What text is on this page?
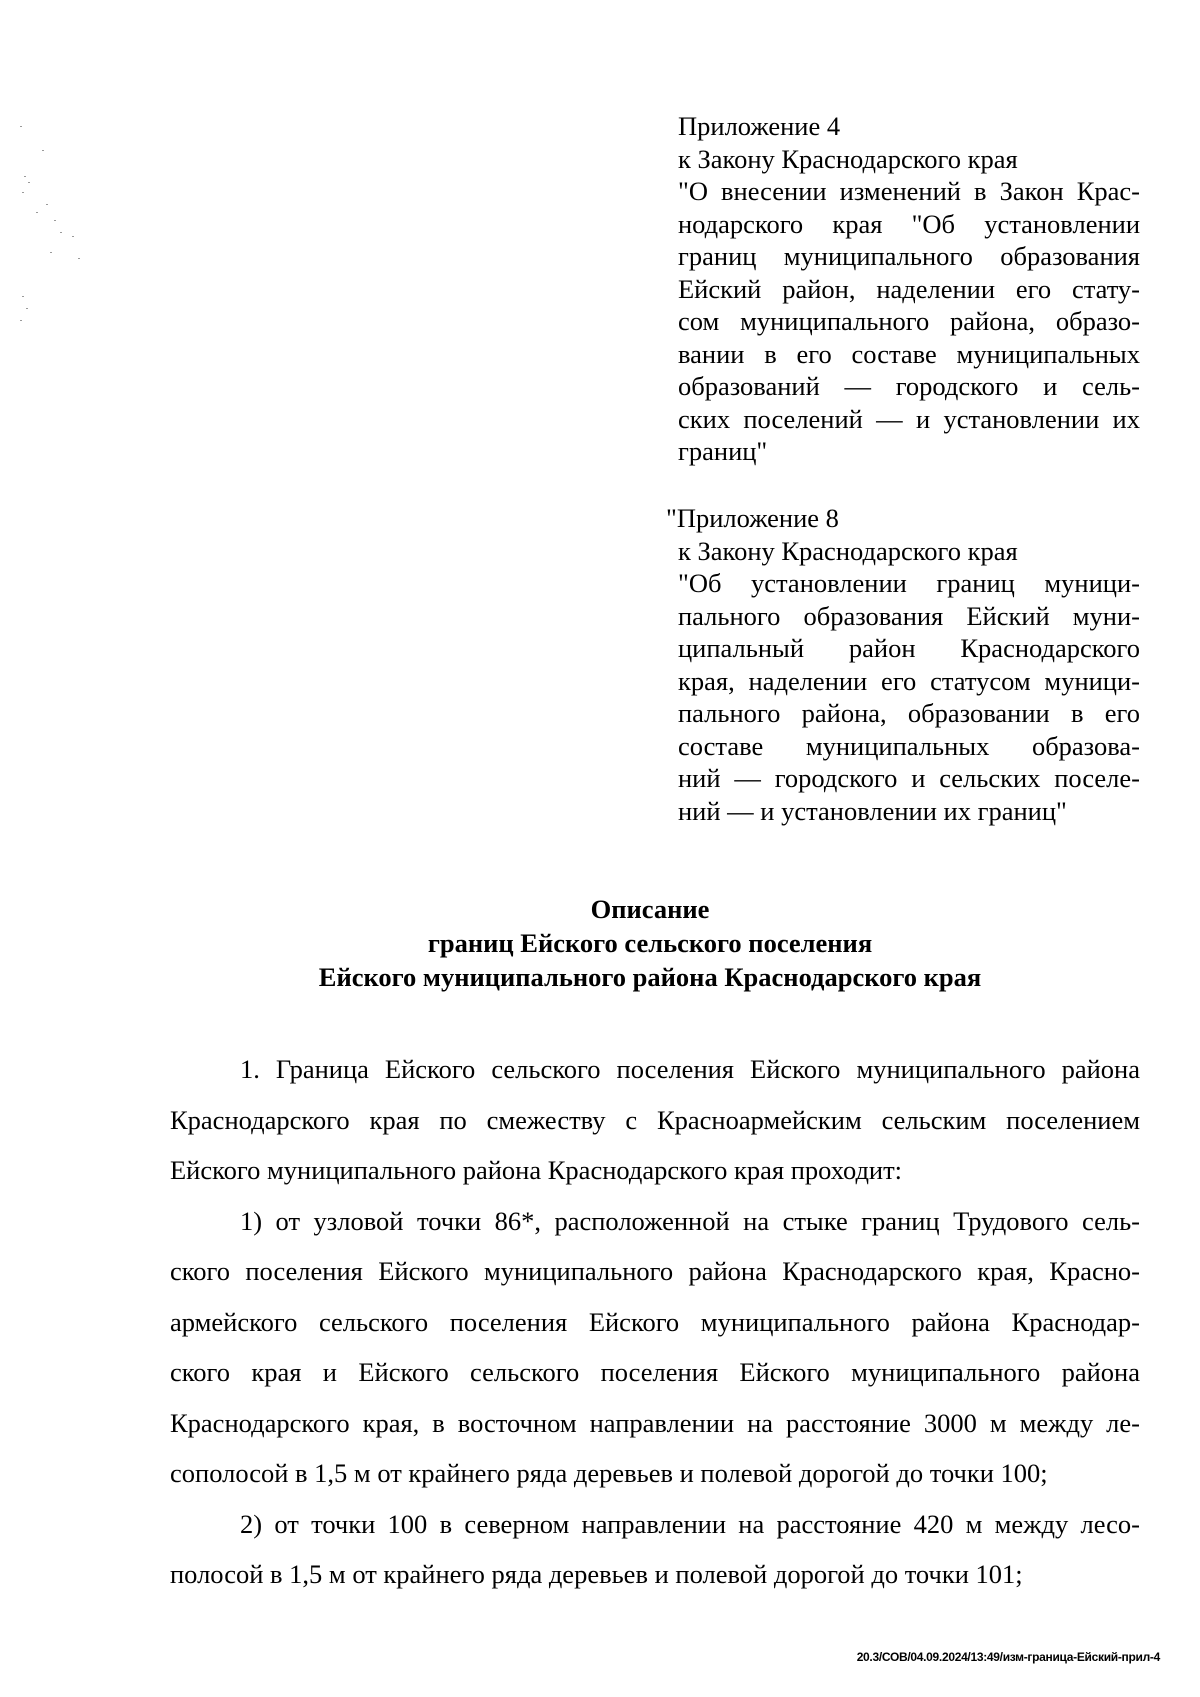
Приложение 4
к Закону Краснодарского края
"О внесении изменений в Закон Крас-
нодарского края "Об установлении
границ муниципального образования
Ейский район, наделении его стату-
сом муниципального района, образо-
вании в его составе муниципальных
образований — городского и сель-
ских поселений — и установлении их
границ"
"Приложение 8
к Закону Краснодарского края
"Об установлении границ муници-
пального образования Ейский муни-
ципальный район Краснодарского
края, наделении его статусом муници-
пального района, образовании в его
составе муниципальных образова-
ний — городского и сельских поселе-
ний — и установлении их границ"
Описание
границ Ейского сельского поселения
Ейского муниципального района Краснодарского края
1. Граница Ейского сельского поселения Ейского муниципального района
Краснодарского края по смежеству с Красноармейским сельским поселением
Ейского муниципального района Краснодарского края проходит:
1) от узловой точки 86*, расположенной на стыке границ Трудового сель-
ского поселения Ейского муниципального района Краснодарского края, Красно-
армейского сельского поселения Ейского муниципального района Краснодар-
ского края и Ейского сельского поселения Ейского муниципального района
Краснодарского края, в восточном направлении на расстояние 3000 м между ле-
сополосой в 1,5 м от крайнего ряда деревьев и полевой дорогой до точки 100;
2) от точки 100 в северном направлении на расстояние 420 м между лесо-
полосой в 1,5 м от крайнего ряда деревьев и полевой дорогой до точки 101;
20.3/СОВ/04.09.2024/13:49/изм-граница-Ейский-прил-4
